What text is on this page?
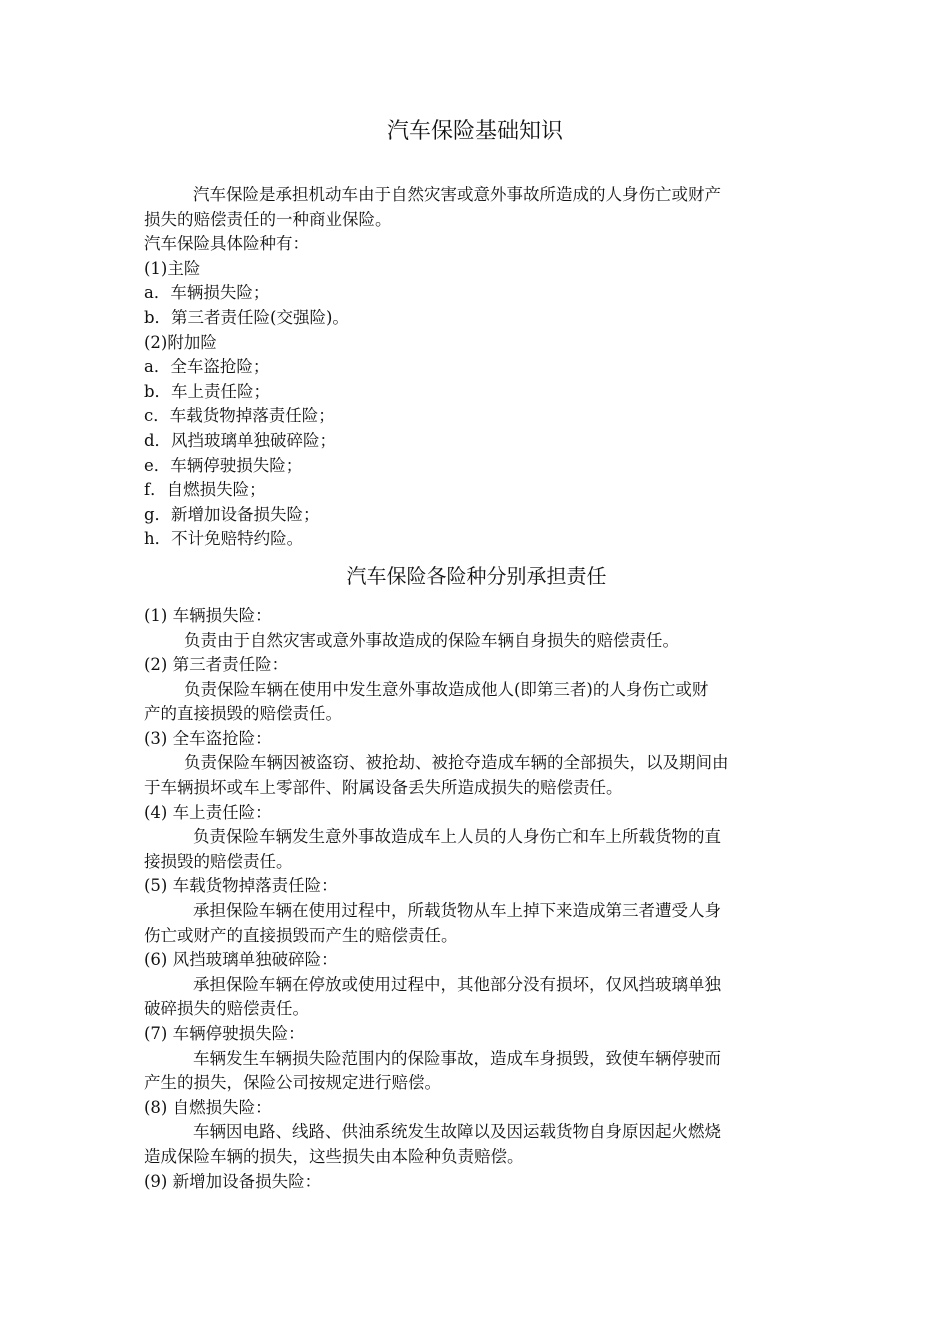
汽车保险基础知识
汽车保险是承担机动车由于自然灾害或意外事故所造成的人身伤亡或财产
损失的赔偿责任的一种商业保险。
汽车保险具体险种有：
(1)主险
a．车辆损失险；
b．第三者责任险(交强险)。
(2)附加险
a．全车盗抢险；
b．车上责任险；
c．车载货物掉落责任险；
d．风挡玻璃单独破碎险；
e．车辆停驶损失险；
f．自燃损失险；
g．新增加设备损失险；
h．不计免赔特约险。
汽车保险各险种分别承担责任
(1) 车辆损失险：
负责由于自然灾害或意外事故造成的保险车辆自身损失的赔偿责任。
(2) 第三者责任险：
负责保险车辆在使用中发生意外事故造成他人(即第三者)的人身伤亡或财
产的直接损毁的赔偿责任。
(3) 全车盗抢险：
负责保险车辆因被盗窃、被抢劫、被抢夺造成车辆的全部损失，以及期间由
于车辆损坏或车上零部件、附属设备丢失所造成损失的赔偿责任。
(4) 车上责任险：
负责保险车辆发生意外事故造成车上人员的人身伤亡和车上所载货物的直
接损毁的赔偿责任。
(5) 车载货物掉落责任险：
承担保险车辆在使用过程中，所载货物从车上掉下来造成第三者遭受人身
伤亡或财产的直接损毁而产生的赔偿责任。
(6) 风挡玻璃单独破碎险：
承担保险车辆在停放或使用过程中，其他部分没有损坏，仅风挡玻璃单独
破碎损失的赔偿责任。
(7) 车辆停驶损失险：
车辆发生车辆损失险范围内的保险事故，造成车身损毁，致使车辆停驶而
产生的损失，保险公司按规定进行赔偿。
(8) 自燃损失险：
车辆因电路、线路、供油系统发生故障以及因运载货物自身原因起火燃烧
造成保险车辆的损失，这些损失由本险种负责赔偿。
(9) 新增加设备损失险：
